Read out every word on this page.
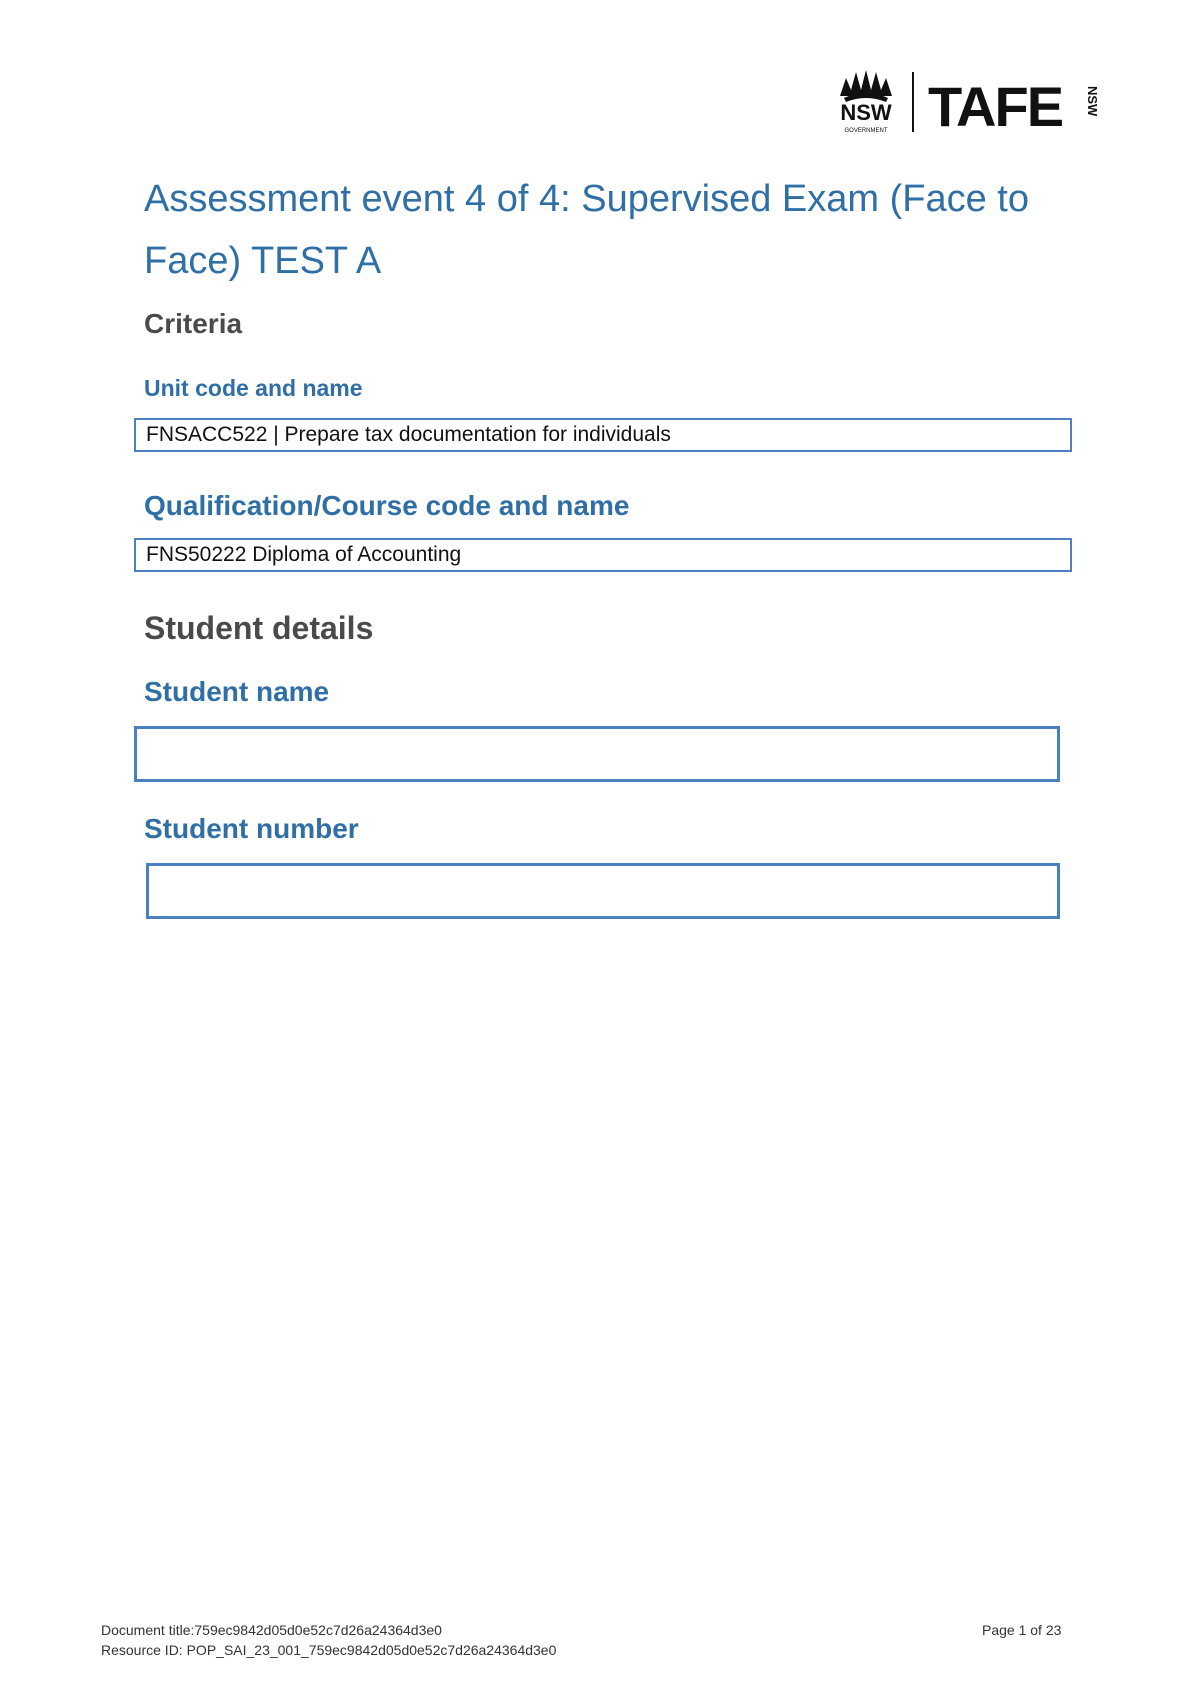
NSW
GOVERNMENT TAFE NSW
Assessment event 4 of 4: Supervised Exam (Face to Face) TEST A
Criteria
Unit code and name
FNSACC522 | Prepare tax documentation for individuals
Qualification/Course code and name
FNS50222 Diploma of Accounting
Student details
Student name
Student number
Document title:759ec9842d05d0e52c7d26a24364d3e0
Resource ID: POP_SAI_23_001_759ec9842d05d0e52c7d26a24364d3e0
Page 1 of 23
